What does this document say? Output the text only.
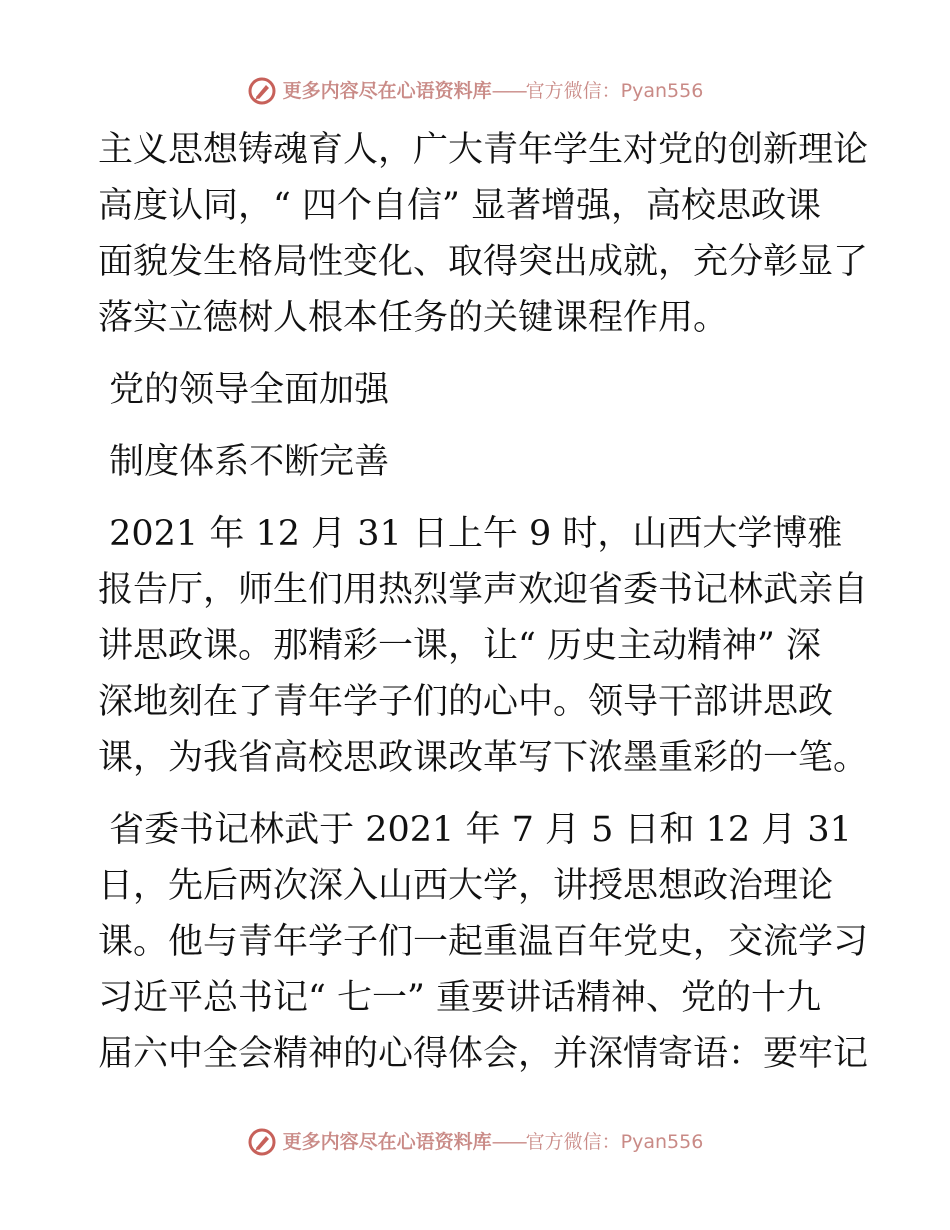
更多内容尽在心语资料库——官方微信：Pyan556

主义思想铸魂育人，广大青年学生对党的创新理论

高度认同，“ 四个自信” 显著增强，高校思政课

面貌发生格局性变化、取得突出成就，充分彰显了

落实立德树人根本任务的关键课程作用。

党的领导全面加强

制度体系不断完善

2021 年 12 月 31 日上午 9 时，山西大学博雅

报告厅，师生们用热烈掌声欢迎省委书记林武亲自

讲思政课。那精彩一课，让“ 历史主动精神” 深

深地刻在了青年学子们的心中。领导干部讲思政

课，为我省高校思政课改革写下浓墨重彩的一笔。

省委书记林武于 2021 年 7 月 5 日和 12 月 31

日，先后两次深入山西大学，讲授思想政治理论

课。他与青年学子们一起重温百年党史，交流学习

习近平总书记“ 七一” 重要讲话精神、党的十九

届六中全会精神的心得体会，并深情寄语：要牢记

更多内容尽在心语资料库——官方微信：Pyan556
